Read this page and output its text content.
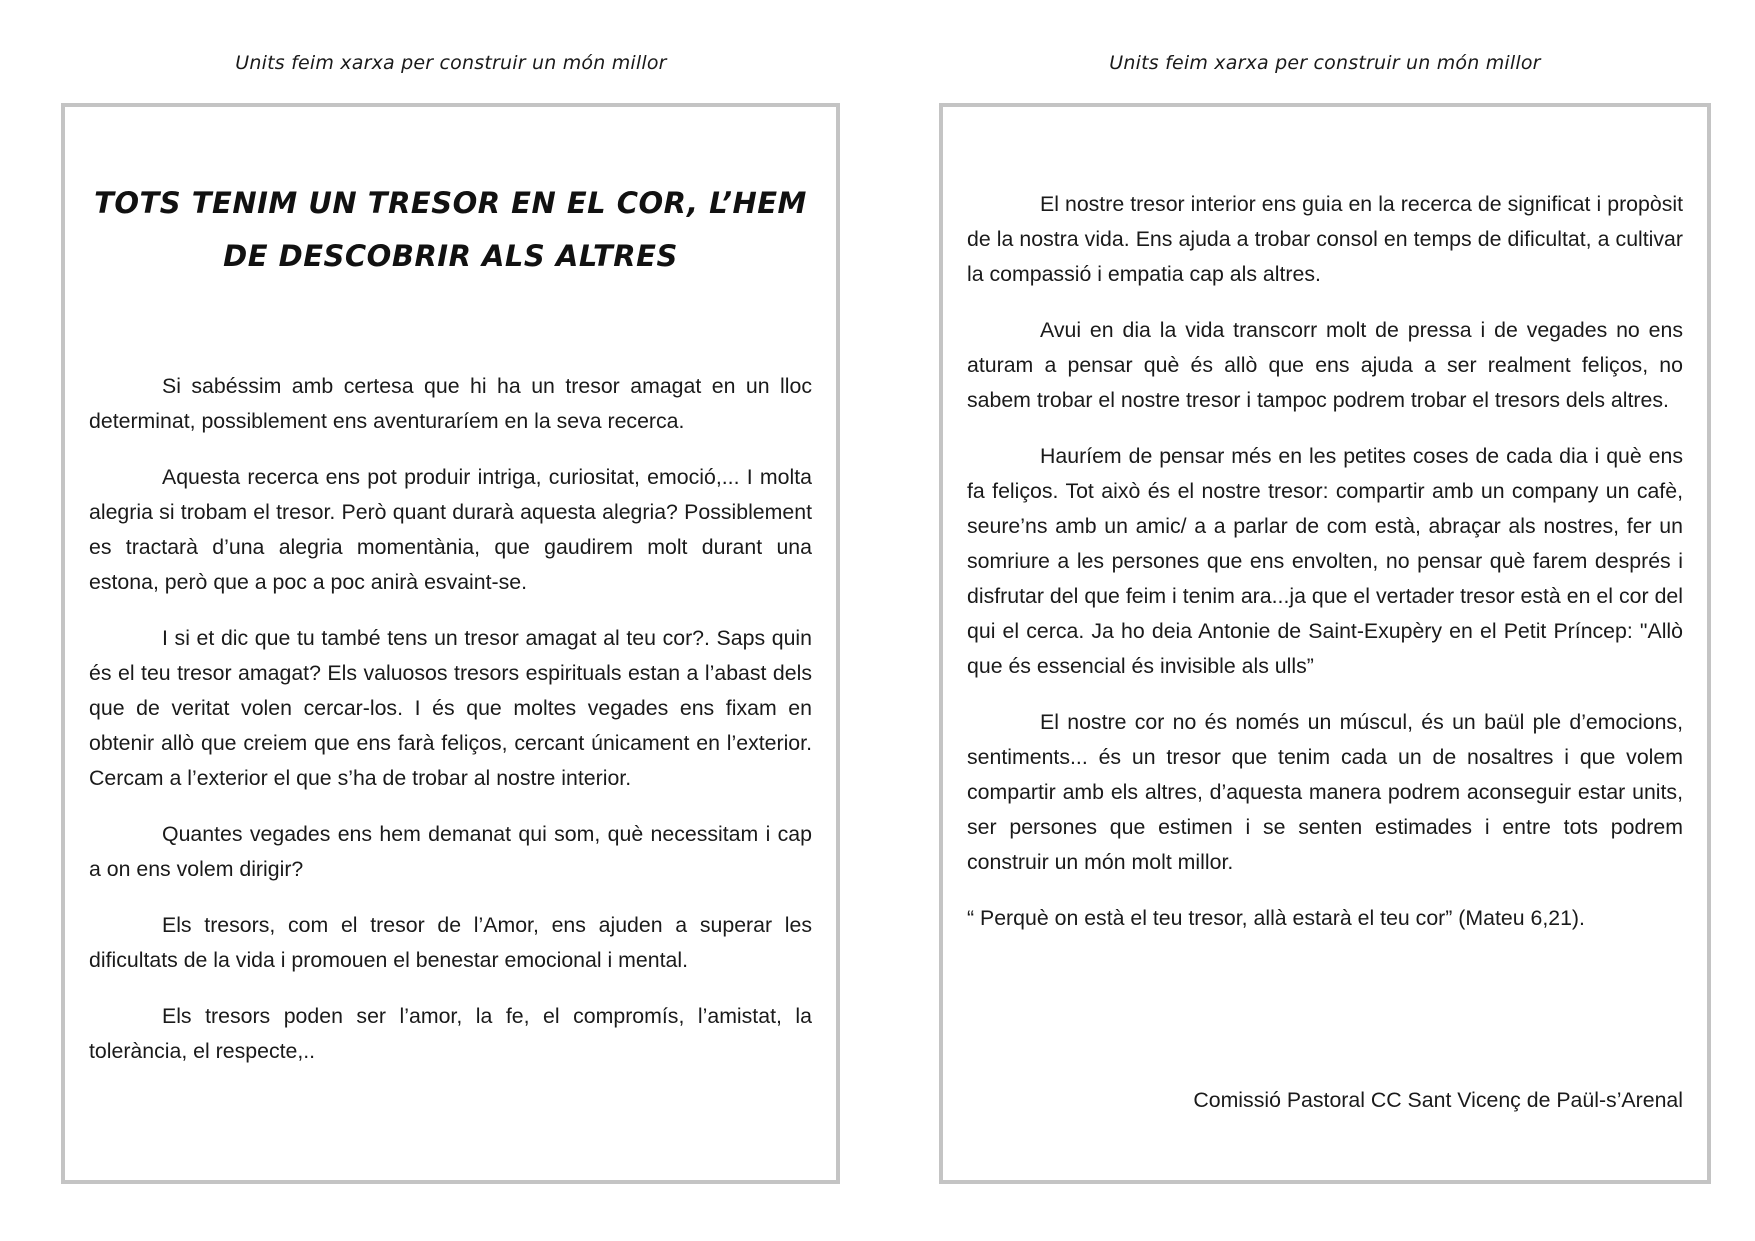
Units feim xarxa per construir un món millor
TOTS TENIM UN TRESOR EN EL COR, L’HEM DE DESCOBRIR ALS ALTRES

Si sabéssim amb certesa que hi ha un tresor amagat en un lloc determinat, possiblement ens aventuraríem en la seva recerca.

Aquesta recerca ens pot produir intriga, curiositat, emoció,... I molta alegria si trobam el tresor. Però quant durarà aquesta alegria? Possiblement es tractarà d’una alegria momentània, que gaudirem molt durant una estona, però que a poc a poc anirà esvaint-se.

I si et dic que tu també tens un tresor amagat al teu cor?. Saps quin és el teu tresor amagat? Els valuosos tresors espirituals estan a l’abast dels que de veritat volen cercar-los. I és que moltes vegades ens fixam en obtenir allò que creiem que ens farà feliços, cercant únicament en l’exterior. Cercam a l’exterior el que s’ha de trobar al nostre interior.

Quantes vegades ens hem demanat qui som, què necessitam i cap a on ens volem dirigir?

Els tresors, com el tresor de l’Amor, ens ajuden a superar les dificultats de la vida i promouen el benestar emocional i mental.

Els tresors poden ser l’amor, la fe, el compromís, l’amistat, la tolerància, el respecte,..

Units feim xarxa per construir un món millor

El nostre tresor interior ens guia en la recerca de significat i propòsit de la nostra vida. Ens ajuda a trobar consol en temps de dificultat, a cultivar la compassió i empatia cap als altres.

Avui en dia la vida transcorr molt de pressa i de vegades no ens aturam a pensar què és allò que ens ajuda a ser realment feliços, no sabem trobar el nostre tresor i tampoc podrem trobar el tresors dels altres.

Hauríem de pensar més en les petites coses de cada dia i què ens fa feliços. Tot això és el nostre tresor: compartir amb un company un cafè, seure’ns amb un amic/ a a parlar de com està, abraçar als nostres, fer un somriure a les persones que ens envolten, no pensar què farem després i disfrutar del que feim i tenim ara...ja que el vertader tresor està en el cor del qui el cerca. Ja ho deia Antonie de Saint-Exupèry en el Petit Príncep: "Allò que és essencial és invisible als ulls”

El nostre cor no és només un múscul, és un baül ple d’emocions, sentiments... és un tresor que tenim cada un de nosaltres i que volem compartir amb els altres, d’aquesta manera podrem aconseguir estar units, ser persones que estimen i se senten estimades i entre tots podrem construir un món molt millor.

“ Perquè on està el teu tresor, allà estarà el teu cor” (Mateu 6,21).

Comissió Pastoral CC Sant Vicenç de Paül-s’Arenal
